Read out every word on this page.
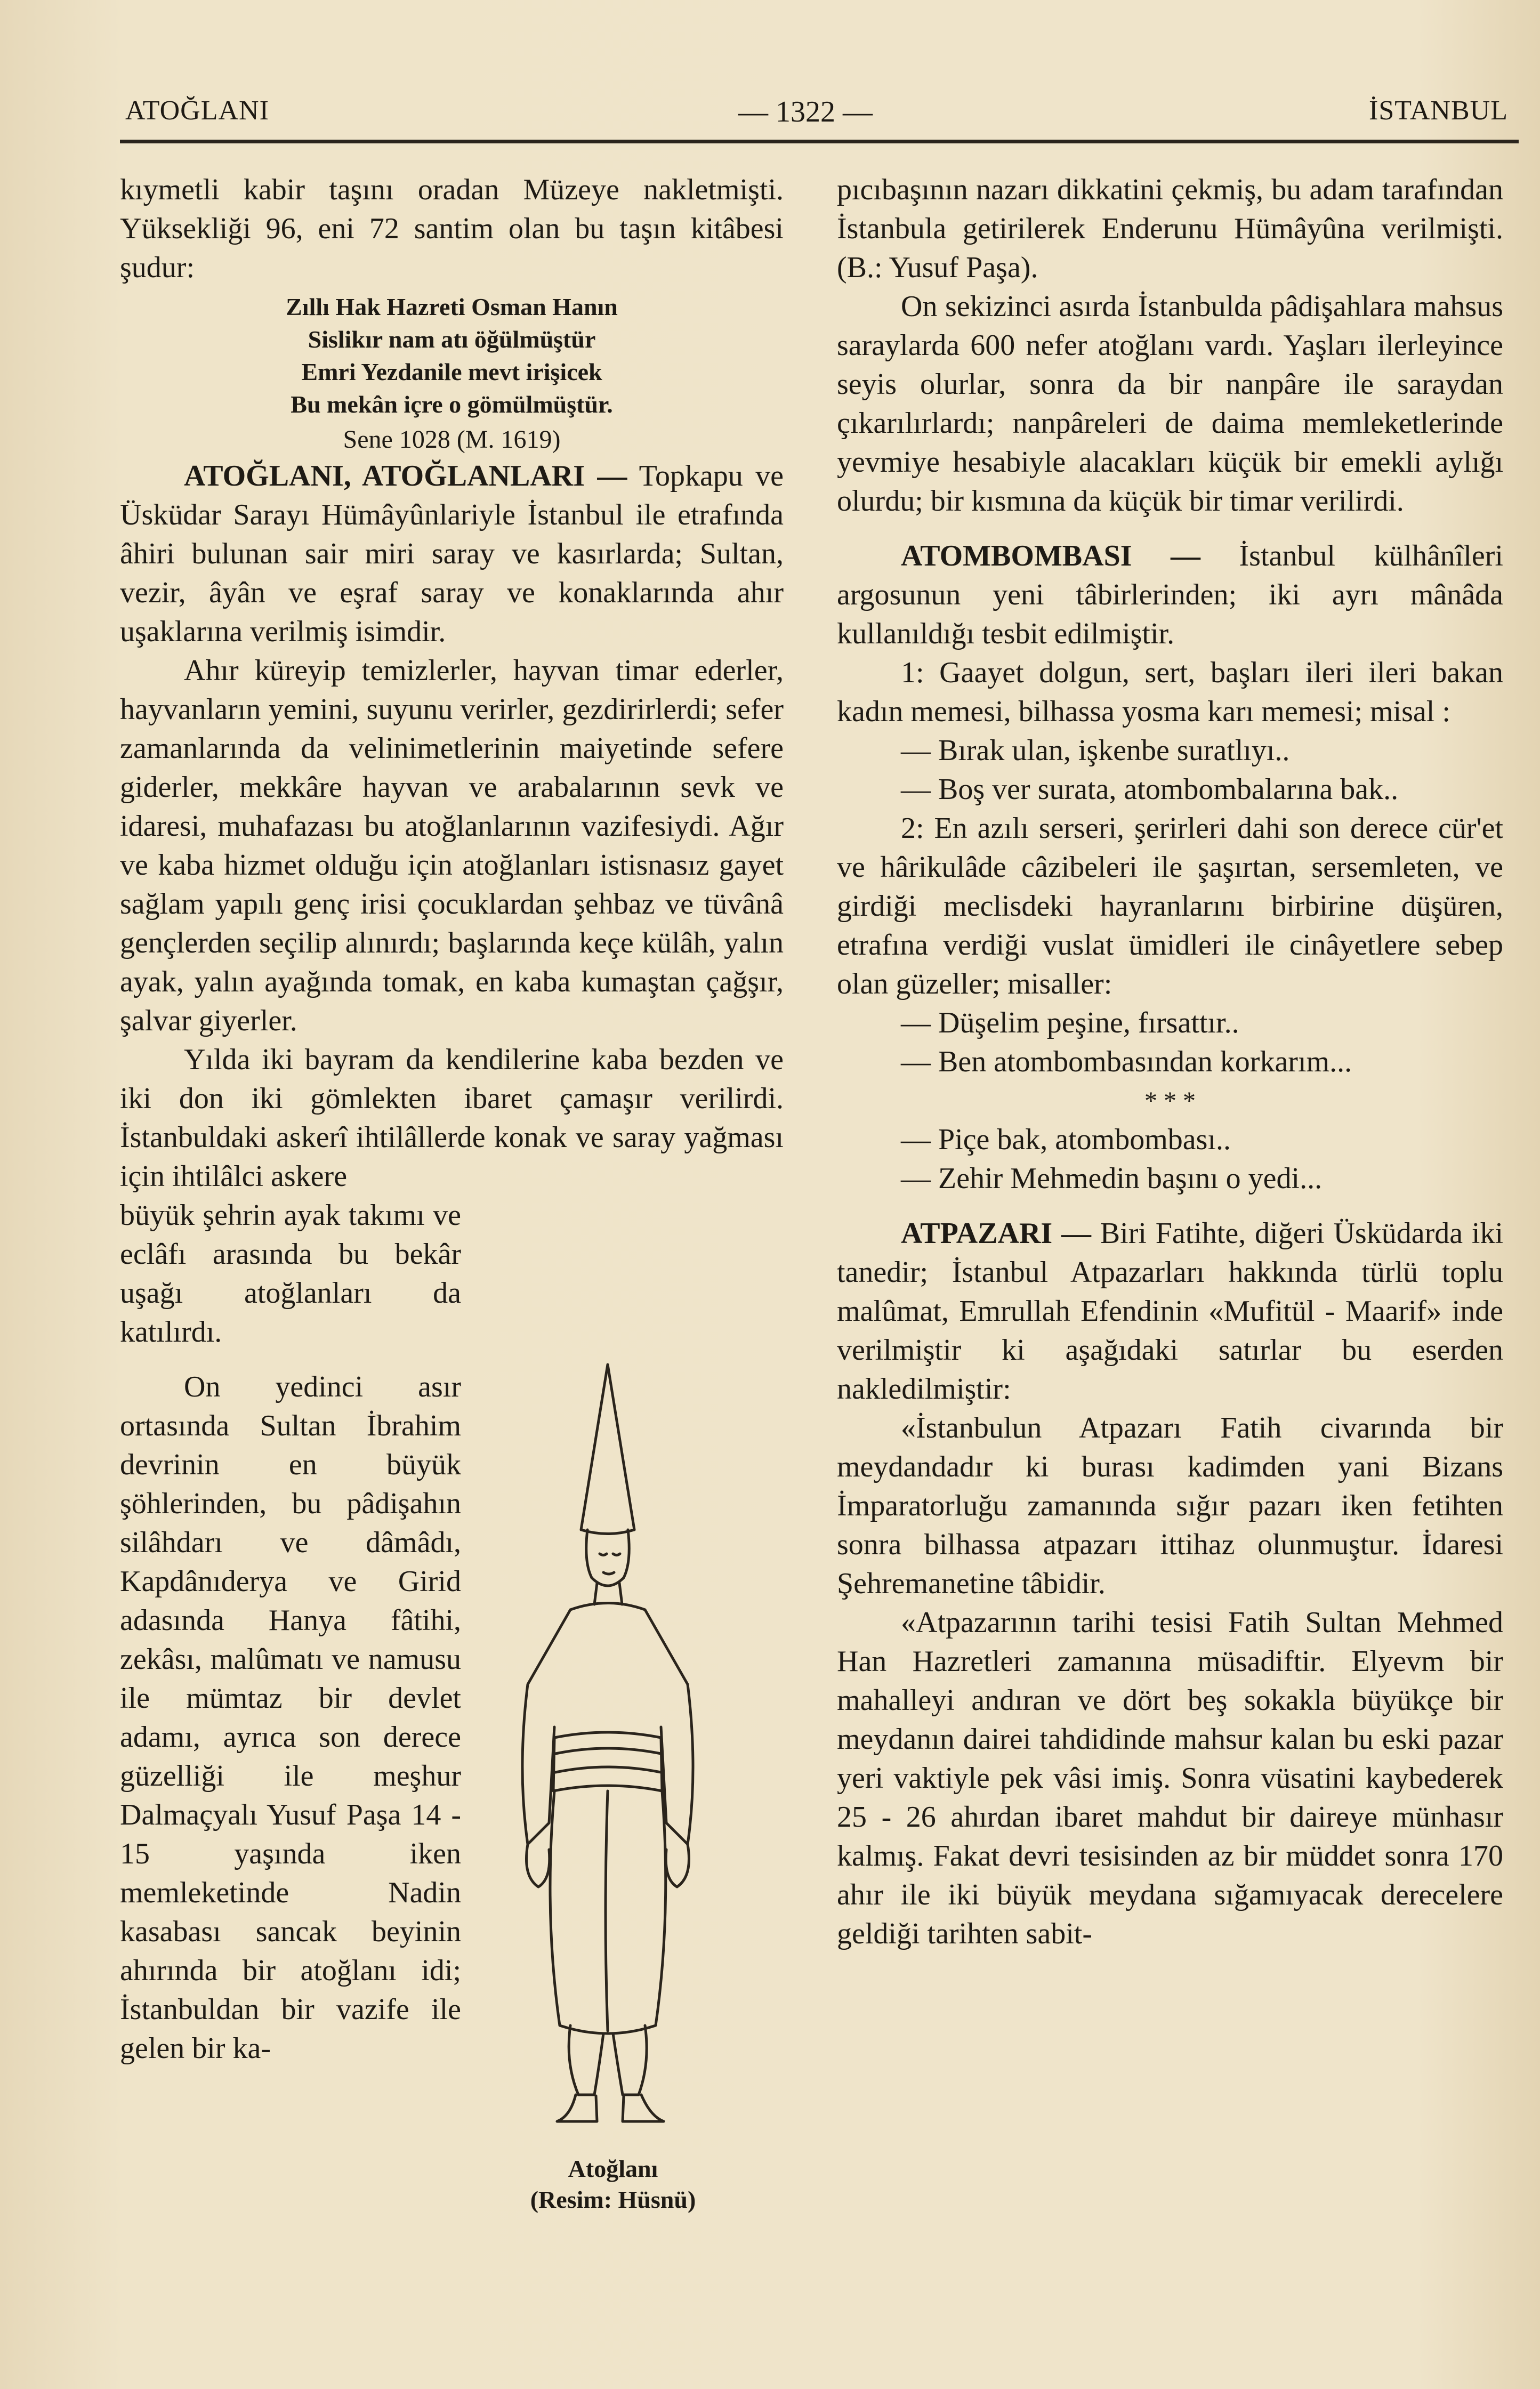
ATOĞLANI	— 1322 —	İSTANBUL

kıymetli kabir taşını oradan Müzeye nakletmişti. Yüksekliği 96, eni 72 santim olan bu taşın kitâbesi şudur:

Zıllı Hak Hazreti Osman Hanın
Sislikır nam atı öğülmüştür
Emri Yezdanile mevt irişicek
Bu mekân içre o gömülmüştür.
Sene 1028 (M. 1619)

ATOĞLANI, ATOĞLANLARI — Topkapu ve Üsküdar Sarayı Hümâyûnlariyle İstanbul ile etrafında âhiri bulunan sair miri saray ve kasırlarda; Sultan, vezir, âyân ve eşraf saray ve konaklarında ahır uşaklarına verilmiş isimdir.

Ahır küreyip temizlerler, hayvan timar ederler, hayvanların yemini, suyunu verirler, gezdirirlerdi; sefer zamanlarında da velinimetlerinin maiyetinde sefere giderler, mekkâre hayvan ve arabalarının sevk ve idaresi, muhafazası bu atoğlanlarının vazifesiydi. Ağır ve kaba hizmet olduğu için atoğlanları istisnasız gayet sağlam yapılı genç irisi çocuklardan şehbaz ve tüvânâ gençlerden seçilip alınırdı; başlarında keçe külâh, yalın ayak, yalın ayağında tomak, en kaba kumaştan çağşır, şalvar giyerler.

Yılda iki bayram da kendilerine kaba bezden ve iki don iki gömlekten ibaret çamaşır verilirdi. İstanbuldaki askerî ihtilâllerde konak ve saray yağması için ihtilâlci askere

büyük şehrin ayak takımı ve eclâfı arasında bu bekâr uşağı atoğlanları da katılırdı.

On yedinci asır ortasında Sultan İbrahim devrinin en büyük şöhlerinden, bu pâdişahın silâhdarı ve dâmâdı, Kapdânıderya ve Girid adasında Hanya fâtihi, zekâsı, malûmatı ve namusu ile mümtaz bir devlet adamı, ayrıca son derece güzelliği ile meşhur Dalmaçyalı Yusuf Paşa 14 - 15 yaşında iken memleketinde Nadin kasabası sancak beyinin ahırında bir atoğlanı idi; İstanbuldan bir vazife ile gelen bir ka-

Atoğlanı
(Resim: Hüsnü)

pıcıbaşının nazarı dikkatini çekmiş, bu adam tarafından İstanbula getirilerek Enderunu Hümâyûna verilmişti. (B.: Yusuf Paşa).

On sekizinci asırda İstanbulda pâdişahlara mahsus saraylarda 600 nefer atoğlanı vardı. Yaşları ilerleyince seyis olurlar, sonra da bir nanpâre ile saraydan çıkarılırlardı; nanpâreleri de daima memleketlerinde yevmiye hesabiyle alacakları küçük bir emekli aylığı olurdu; bir kısmına da küçük bir timar verilirdi.

ATOMBOMBASI — İstanbul külhânîleri argosunun yeni tâbirlerinden; iki ayrı mânâda kullanıldığı tesbit edilmiştir.

1: Gaayet dolgun, sert, başları ileri ileri bakan kadın memesi, bilhassa yosma karı memesi; misal :

— Bırak ulan, işkenbe suratlıyı..

— Boş ver surata, atombombalarına bak..

2: En azılı serseri, şerirleri dahi son derece cür'et ve hârikulâde câzibeleri ile şaşırtan, sersemleten, ve girdiği meclisdeki hayranlarını birbirine düşüren, etrafına verdiği vuslat ümidleri ile cinâyetlere sebep olan güzeller; misaller:

— Düşelim peşine, fırsattır..

— Ben atombombasından korkarım...

* * *

— Piçe bak, atombombası..

— Zehir Mehmedin başını o yedi...

ATPAZARI — Biri Fatihte, diğeri Üsküdarda iki tanedir; İstanbul Atpazarları hakkında türlü toplu malûmat, Emrullah Efendinin «Mufitül - Maarif» inde verilmiştir ki aşağıdaki satırlar bu eserden nakledilmiştir:

«İstanbulun Atpazarı Fatih civarında bir meydandadır ki burası kadimden yani Bizans İmparatorluğu zamanında sığır pazarı iken fetihten sonra bilhassa atpazarı ittihaz olunmuştur. İdaresi Şehremanetine tâbidir.

«Atpazarının tarihi tesisi Fatih Sultan Mehmed Han Hazretleri zamanına müsadiftir. Elyevm bir mahalleyi andıran ve dört beş sokakla büyükçe bir meydanın dairei tahdidinde mahsur kalan bu eski pazar yeri vaktiyle pek vâsi imiş. Sonra vüsatini kaybederek 25 - 26 ahırdan ibaret mahdut bir daireye münhasır kalmış. Fakat devri tesisinden az bir müddet sonra 170 ahır ile iki büyük meydana sığamıyacak derecelere geldiği tarihten sabit-
